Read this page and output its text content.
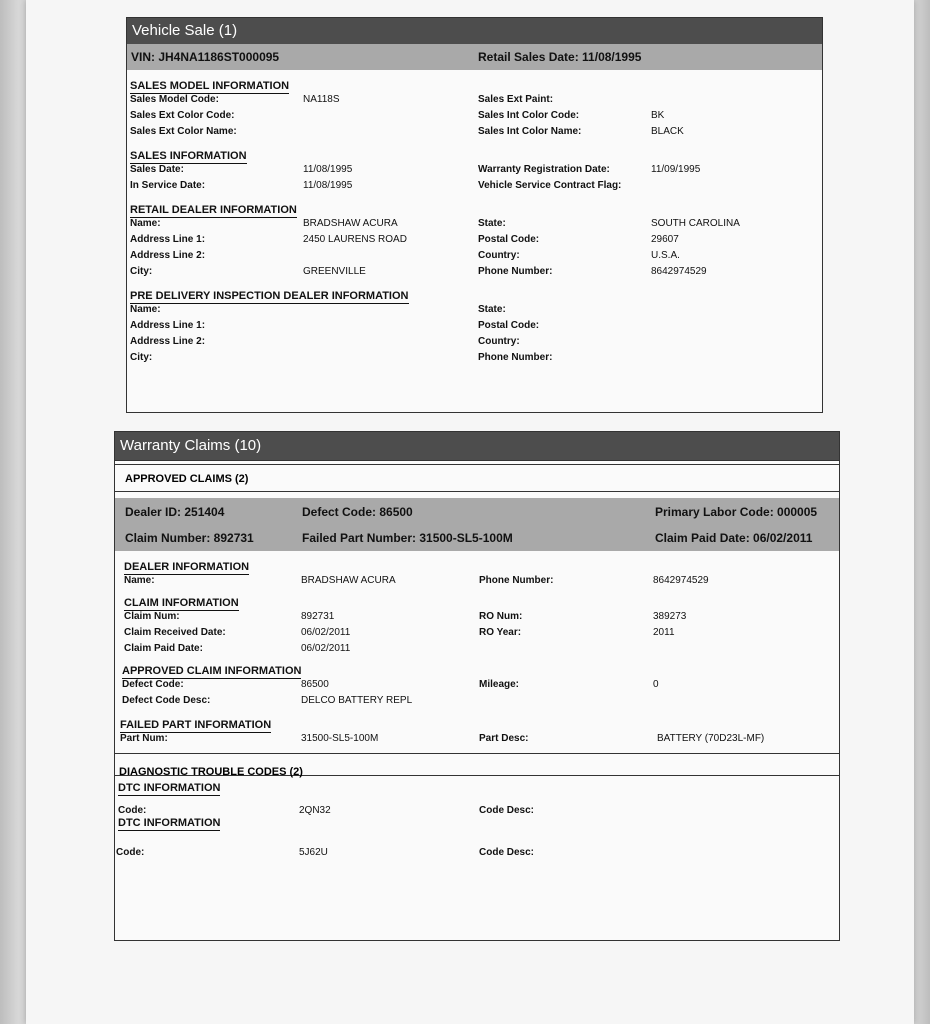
Vehicle Sale (1)
VIN: JH4NA1186ST000095	Retail Sales Date: 11/08/1995
SALES MODEL INFORMATION
Sales Model Code:	NA118S	Sales Ext Paint:
Sales Ext Color Code:	Sales Int Color Code:	BK
Sales Ext Color Name:	Sales Int Color Name:	BLACK
SALES INFORMATION
Sales Date:	11/08/1995	Warranty Registration Date:	11/09/1995
In Service Date:	11/08/1995	Vehicle Service Contract Flag:
RETAIL DEALER INFORMATION
Name:	BRADSHAW ACURA	State:	SOUTH CAROLINA
Address Line 1:	2450 LAURENS ROAD	Postal Code:	29607
Address Line 2:	Country:	U.S.A.
City:	GREENVILLE	Phone Number:	8642974529
PRE DELIVERY INSPECTION DEALER INFORMATION
Name:	State:
Address Line 1:	Postal Code:
Address Line 2:	Country:
City:	Phone Number:
Warranty Claims (10)
APPROVED CLAIMS (2)
Dealer ID: 251404	Defect Code: 86500	Primary Labor Code: 000005
Claim Number: 892731	Failed Part Number: 31500-SL5-100M	Claim Paid Date: 06/02/2011
DEALER INFORMATION
Name:	BRADSHAW ACURA	Phone Number:	8642974529
CLAIM INFORMATION
Claim Num:	892731	RO Num:	389273
Claim Received Date:	06/02/2011	RO Year:	2011
Claim Paid Date:	06/02/2011
APPROVED CLAIM INFORMATION
Defect Code:	86500	Mileage:	0
Defect Code Desc:	DELCO BATTERY REPL
FAILED PART INFORMATION
Part Num:	31500-SL5-100M	Part Desc:	BATTERY (70D23L-MF)
DIAGNOSTIC TROUBLE CODES (2)
DTC INFORMATION
Code:	2QN32	Code Desc:
DTC INFORMATION
Code:	5J62U	Code Desc:
